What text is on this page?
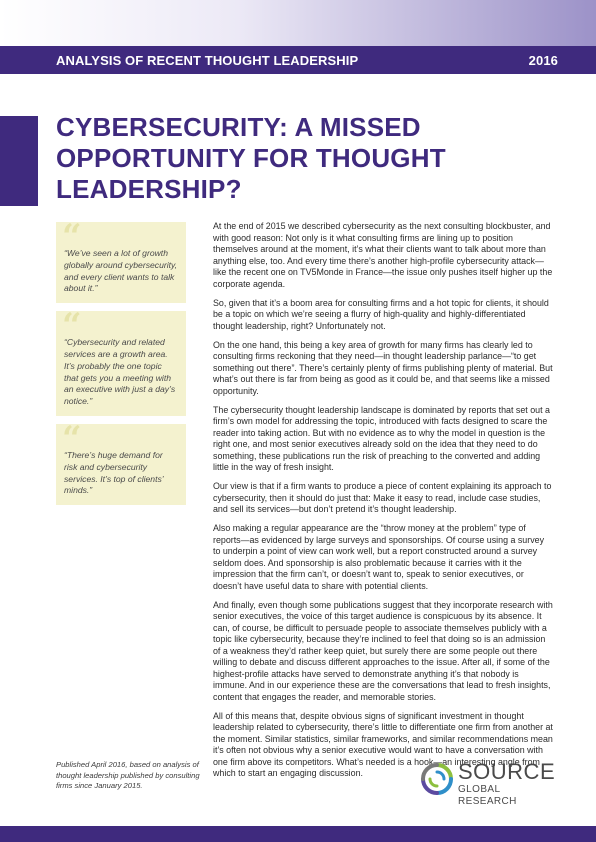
ANALYSIS OF RECENT THOUGHT LEADERSHIP	2016
CYBERSECURITY: A MISSED OPPORTUNITY FOR THOUGHT LEADERSHIP?
“
“We’ve seen a lot of growth globally around cybersecurity, and every client wants to talk about it.”
“
“Cybersecurity and related services are a growth area. It’s probably the one topic that gets you a meeting with an executive with just a day’s notice.”
“
“There’s huge demand for risk and cybersecurity services. It’s top of clients’ minds.”

At the end of 2015 we described cybersecurity as the next consulting blockbuster, and with good reason: Not only is it what consulting firms are lining up to position themselves around at the moment, it’s what their clients want to talk about more than anything else, too. And every time there’s another high-profile cybersecurity attack—like the recent one on TV5Monde in France—the issue only pushes itself higher up the corporate agenda.

So, given that it’s a boom area for consulting firms and a hot topic for clients, it should be a topic on which we’re seeing a flurry of high-quality and highly-differentiated thought leadership, right? Unfortunately not.

On the one hand, this being a key area of growth for many firms has clearly led to consulting firms reckoning that they need—in thought leadership parlance—“to get something out there”. There’s certainly plenty of firms publishing plenty of material. But what’s out there is far from being as good as it could be, and that seems like a missed opportunity.

The cybersecurity thought leadership landscape is dominated by reports that set out a firm’s own model for addressing the topic, introduced with facts designed to scare the reader into taking action. But with no evidence as to why the model in question is the right one, and most senior executives already sold on the idea that they need to do something, these publications run the risk of preaching to the converted and adding little in the way of fresh insight.

Our view is that if a firm wants to produce a piece of content explaining its approach to cybersecurity, then it should do just that: Make it easy to read, include case studies, and sell its services—but don’t pretend it’s thought leadership.

Also making a regular appearance are the “throw money at the problem” type of reports—as evidenced by large surveys and sponsorships. Of course using a survey to underpin a point of view can work well, but a report constructed around a survey seldom does. And sponsorship is also problematic because it carries with it the impression that the firm can’t, or doesn’t want to, speak to senior executives, or doesn’t have useful data to share with potential clients.

And finally, even though some publications suggest that they incorporate research with senior executives, the voice of this target audience is conspicuous by its absence. It can, of course, be difficult to persuade people to associate themselves publicly with a topic like cybersecurity, because they’re inclined to feel that doing so is an admission of a weakness they’d rather keep quiet, but surely there are some people out there willing to debate and discuss different approaches to the issue. After all, if some of the highest-profile attacks have served to demonstrate anything it’s that nobody is immune. And in our experience these are the conversations that lead to fresh insights, content that engages the reader, and memorable stories.

All of this means that, despite obvious signs of significant investment in thought leadership related to cybersecurity, there’s little to differentiate one firm from another at the moment. Similar statistics, similar frameworks, and similar recommendations mean it’s often not obvious why a senior executive would want to have a conversation with one firm above its competitors. What’s needed is a hook—an interesting angle from which to start an engaging discussion.

Published April 2016, based on analysis of thought leadership published by consulting firms since January 2015.
SOURCE
GLOBAL RESEARCH
